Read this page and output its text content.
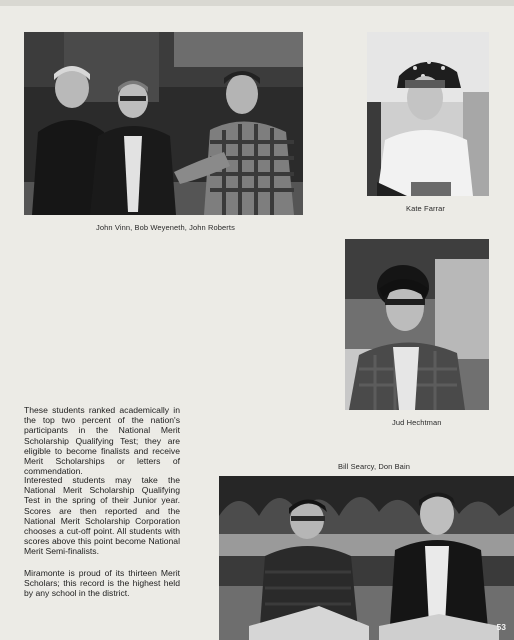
John Vinn, Bob Weyeneth, John Roberts
Kate Farrar
Jud Hechtman

These students ranked academically in the top two percent of the nation's participants in the National Merit Scholarship Qualifying Test; they are eligible to become finalists and receive Merit Scholarships or letters of commendation.

Interested students may take the National Merit Scholarship Qualifying Test in the spring of their Junior year. Scores are then reported and the National Merit Scholarship Corporation chooses a cut-off point. All students with scores above this point become National Merit Semi-finalists.

Miramonte is proud of its thirteen Merit Scholars; this record is the highest held by any school in the district.

Bill Searcy, Don Bain
53
